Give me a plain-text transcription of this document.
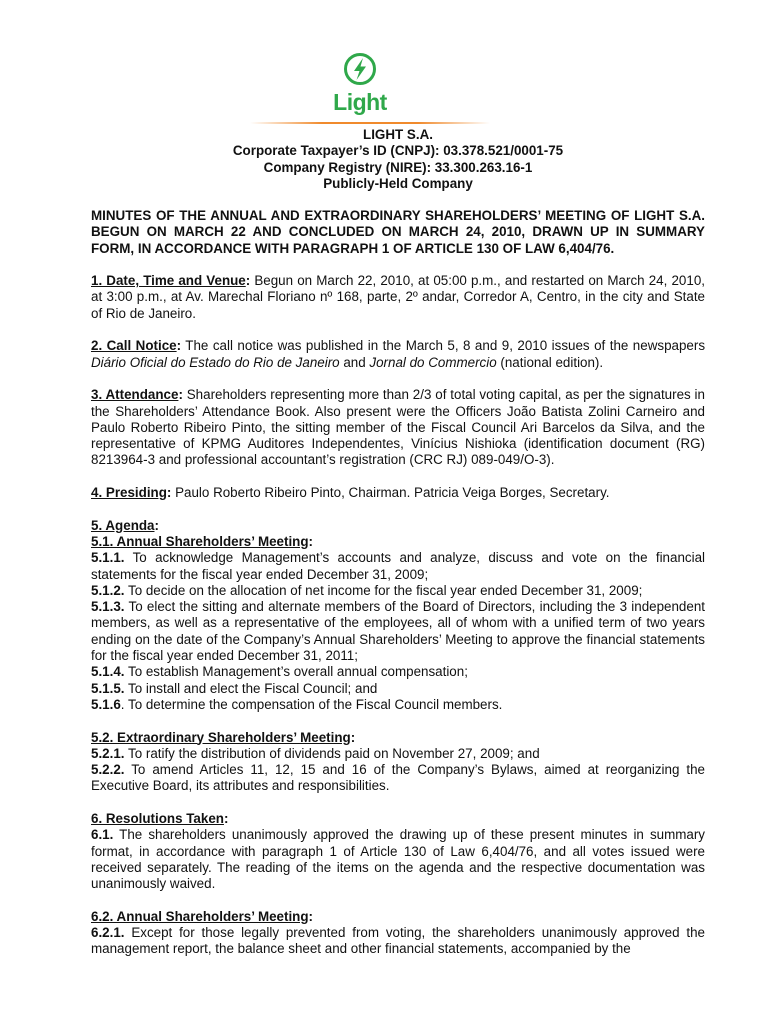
Light
LIGHT S.A.
Corporate Taxpayer’s ID (CNPJ): 03.378.521/0001-75
Company Registry (NIRE): 33.300.263.16-1
Publicly-Held Company

MINUTES OF THE ANNUAL AND EXTRAORDINARY SHAREHOLDERS’ MEETING OF LIGHT S.A. BEGUN ON MARCH 22 AND CONCLUDED ON MARCH 24, 2010, DRAWN UP IN SUMMARY FORM, IN ACCORDANCE WITH PARAGRAPH 1 OF ARTICLE 130 OF LAW 6,404/76.

1. Date, Time and Venue: Begun on March 22, 2010, at 05:00 p.m., and restarted on March 24, 2010, at 3:00 p.m., at Av. Marechal Floriano nº 168, parte, 2º andar, Corredor A, Centro, in the city and State of Rio de Janeiro.

2. Call Notice: The call notice was published in the March 5, 8 and 9, 2010 issues of the newspapers Diário Oficial do Estado do Rio de Janeiro and Jornal do Commercio (national edition).

3. Attendance: Shareholders representing more than 2/3 of total voting capital, as per the signatures in the Shareholders’ Attendance Book. Also present were the Officers João Batista Zolini Carneiro and Paulo Roberto Ribeiro Pinto, the sitting member of the Fiscal Council Ari Barcelos da Silva, and the representative of KPMG Auditores Independentes, Vinícius Nishioka (identification document (RG) 8213964-3 and professional accountant’s registration (CRC RJ) 089-049/O-3).

4. Presiding: Paulo Roberto Ribeiro Pinto, Chairman. Patricia Veiga Borges, Secretary.

5. Agenda:

5.1. Annual Shareholders’ Meeting:

5.1.1. To acknowledge Management’s accounts and analyze, discuss and vote on the financial statements for the fiscal year ended December 31, 2009;

5.1.2. To decide on the allocation of net income for the fiscal year ended December 31, 2009;

5.1.3. To elect the sitting and alternate members of the Board of Directors, including the 3 independent members, as well as a representative of the employees, all of whom with a unified term of two years ending on the date of the Company’s Annual Shareholders’ Meeting to approve the financial statements for the fiscal year ended December 31, 2011;

5.1.4. To establish Management’s overall annual compensation;

5.1.5. To install and elect the Fiscal Council; and

5.1.6. To determine the compensation of the Fiscal Council members.

5.2. Extraordinary Shareholders’ Meeting:

5.2.1. To ratify the distribution of dividends paid on November 27, 2009; and

5.2.2. To amend Articles 11, 12, 15 and 16 of the Company’s Bylaws, aimed at reorganizing the Executive Board, its attributes and responsibilities.

6. Resolutions Taken:

6.1. The shareholders unanimously approved the drawing up of these present minutes in summary format, in accordance with paragraph 1 of Article 130 of Law 6,404/76, and all votes issued were received separately. The reading of the items on the agenda and the respective documentation was unanimously waived.

6.2. Annual Shareholders’ Meeting:

6.2.1. Except for those legally prevented from voting, the shareholders unanimously approved the management report, the balance sheet and other financial statements, accompanied by the
